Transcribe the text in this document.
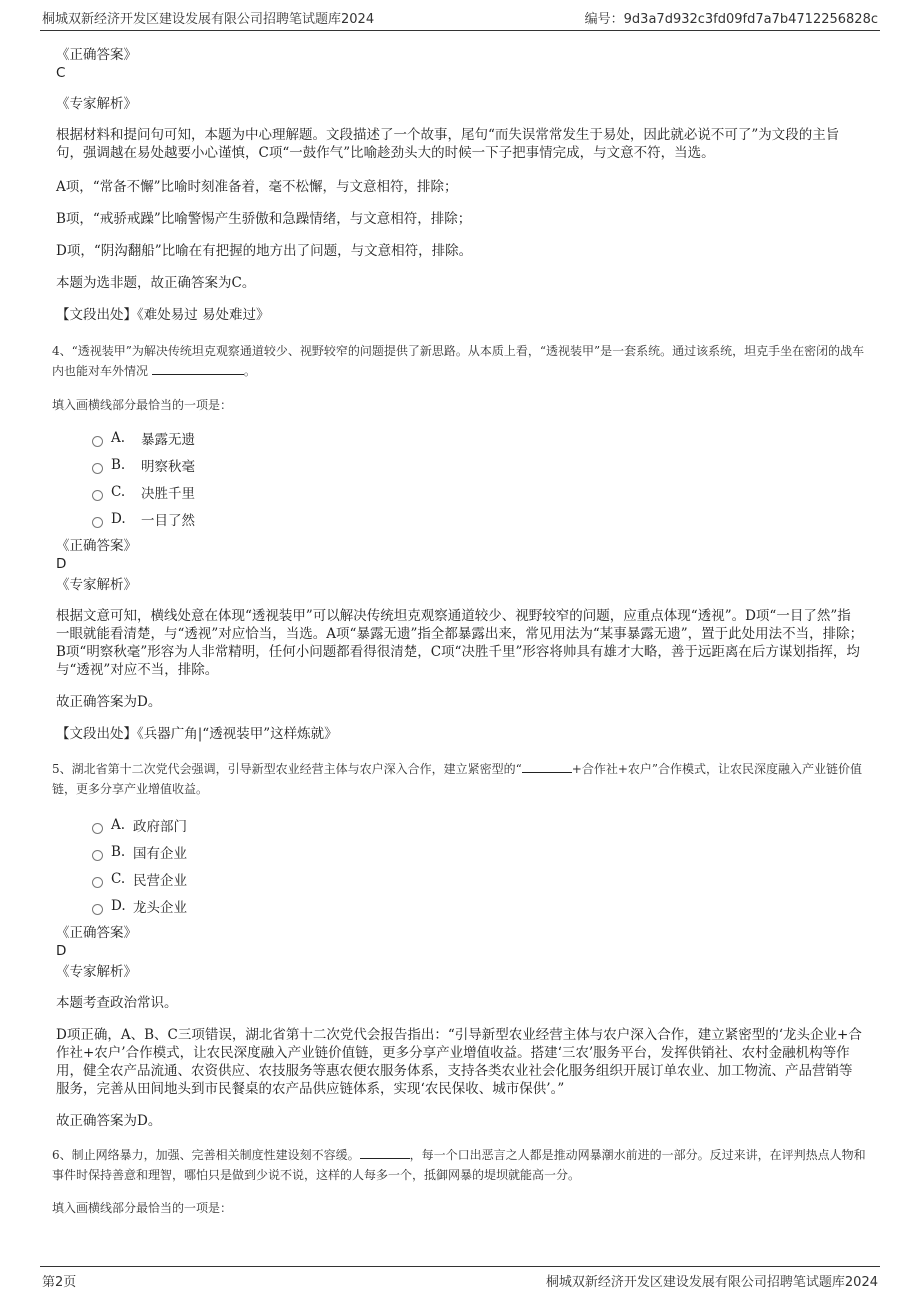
桐城双新经济开发区建设发展有限公司招聘笔试题库2024	编号：9d3a7d932c3fd09fd7a7b4712256828c
《正确答案》
C
《专家解析》
根据材料和提问句可知，本题为中心理解题。文段描述了一个故事，尾句“而失误常常发生于易处，因此就必说不可了”为文段的主旨句，强调越在易处越要小心谨慎，C项“一鼓作气”比喻趁劲头大的时候一下子把事情完成，与文意不符，当选。
A项，“常备不懈”比喻时刻准备着，毫不松懈，与文意相符，排除；
B项，“戒骄戒躁”比喻警惕产生骄傲和急躁情绪，与文意相符，排除；
D项，“阴沟翻船”比喻在有把握的地方出了问题，与文意相符，排除。
本题为选非题，故正确答案为C。
【文段出处】《难处易过 易处难过》
4、“透视装甲”为解决传统坦克观察通道较少、视野较窄的问题提供了新思路。从本质上看，“透视装甲”是一套系统。通过该系统，坦克手坐在密闭的战车内也能对车外情况	。
填入画横线部分最恰当的一项是：
A.	暴露无遗
B.	明察秋毫
C.	决胜千里
D.	一目了然
《正确答案》
D
《专家解析》
根据文意可知，横线处意在体现“透视装甲”可以解决传统坦克观察通道较少、视野较窄的问题，应重点体现“透视”。D项“一目了然”指一眼就能看清楚，与“透视”对应恰当，当选。A项“暴露无遗”指全都暴露出来，常见用法为“某事暴露无遗”，置于此处用法不当，排除；B项“明察秋毫”形容为人非常精明，任何小问题都看得很清楚，C项“决胜千里”形容将帅具有雄才大略，善于远距离在后方谋划指挥，均与“透视”对应不当，排除。
故正确答案为D。
【文段出处】《兵器广角|“透视装甲”这样炼就》
5、湖北省第十二次党代会强调，引导新型农业经营主体与农户深入合作，建立紧密型的“	+合作社+农户”合作模式，让农民深度融入产业链价值链，更多分享产业增值收益。
A. 政府部门
B. 国有企业
C. 民营企业
D. 龙头企业
《正确答案》
D
《专家解析》
本题考查政治常识。
D项正确，A、B、C三项错误，湖北省第十二次党代会报告指出：“引导新型农业经营主体与农户深入合作，建立紧密型的‘龙头企业+合作社+农户’合作模式，让农民深度融入产业链价值链，更多分享产业增值收益。搭建‘三农’服务平台，发挥供销社、农村金融机构等作用，健全农产品流通、农资供应、农技服务等惠农便农服务体系，支持各类农业社会化服务组织开展订单农业、加工物流、产品营销等服务，完善从田间地头到市民餐桌的农产品供应链体系，实现‘农民保收、城市保供’。”
故正确答案为D。
6、制止网络暴力，加强、完善相关制度性建设刻不容缓。	，每一个口出恶言之人都是推动网暴潮水前进的一部分。反过来讲，在评判热点人物和事件时保持善意和理智，哪怕只是做到少说不说，这样的人每多一个，抵御网暴的堤坝就能高一分。
填入画横线部分最恰当的一项是：
第2页	桐城双新经济开发区建设发展有限公司招聘笔试题库2024
